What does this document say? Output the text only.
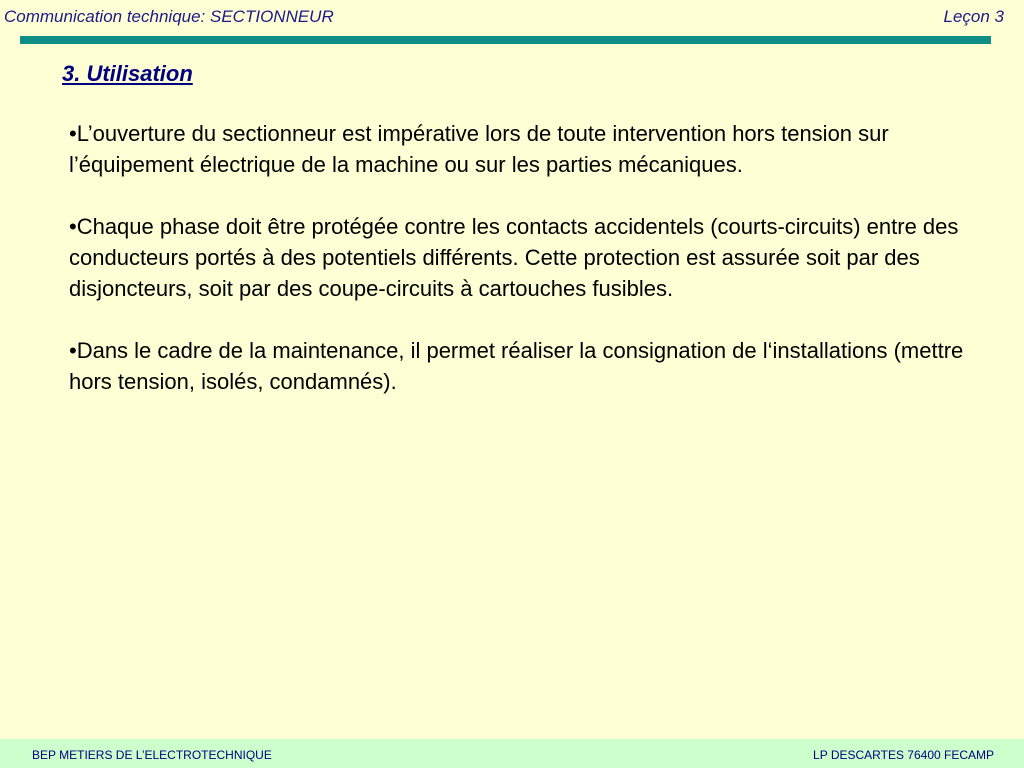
Communication technique: SECTIONNEUR	Leçon 3
3. Utilisation

•L’ouverture du sectionneur est impérative lors de toute intervention hors tension sur l’équipement électrique de la machine ou sur les parties mécaniques.

•Chaque phase doit être protégée contre les contacts accidentels (courts-circuits) entre des conducteurs portés à des potentiels différents. Cette protection est assurée soit par des disjoncteurs, soit par des coupe-circuits à cartouches fusibles.

•Dans le cadre de la maintenance, il permet réaliser la consignation de l‘installations (mettre hors tension, isolés, condamnés).

BEP METIERS DE L’ELECTROTECHNIQUE	LP DESCARTES 76400 FECAMP
